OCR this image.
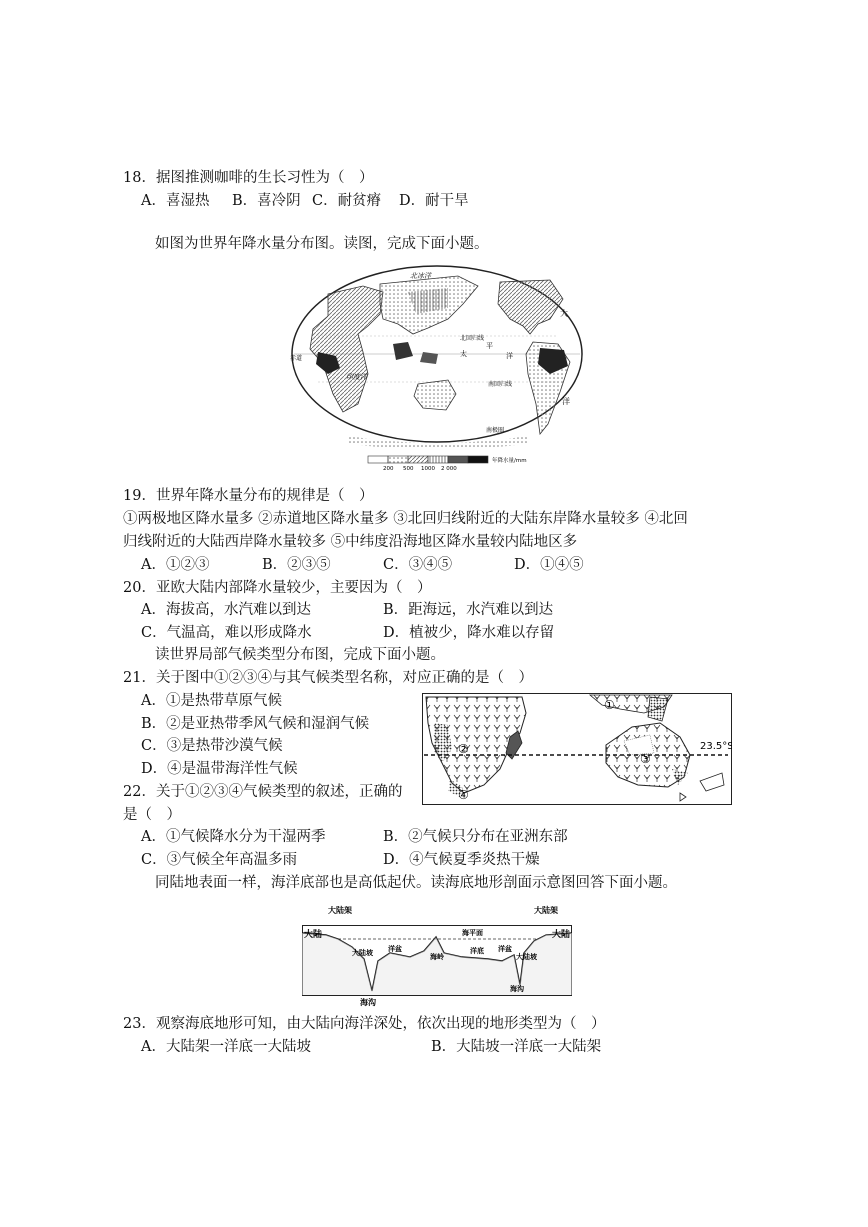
18．据图推测咖啡的生长习性为（　）
A．喜湿热 B．喜冷阴 C．耐贫瘠 D．耐干旱
如图为世界年降水量分布图。读图，完成下面小题。
北冰洋
大
北回归线
太
平
洋
赤道
印度洋
南回归线
洋
南极圈
200 500 1000 2 000
年降水量/mm
19．世界年降水量分布的规律是（　）
①两极地区降水量多 ②赤道地区降水量多 ③北回归线附近的大陆东岸降水量较多 ④北回
归线附近的大陆西岸降水量较多 ⑤中纬度沿海地区降水量较内陆地区多
A．①②③	B．②③⑤	C．③④⑤	D．①④⑤
20．亚欧大陆内部降水量较少，主要因为（　）
A．海拔高，水汽难以到达	B．距海远，水汽难以到达
C．气温高，难以形成降水	D．植被少，降水难以存留
读世界局部气候类型分布图，完成下面小题。
21．关于图中①②③④与其气候类型名称，对应正确的是（　）
A．①是热带草原气候
B．②是亚热带季风气候和湿润气候
C．③是热带沙漠气候
D．④是温带海洋性气候
23.5°S
①
②
③
④
22．关于①②③④气候类型的叙述，正确的
是（　）
A．①气候降水分为干湿两季	B．②气候只分布在亚洲东部
C．③气候全年高温多雨	D．④气候夏季炎热干燥
同陆地表面一样，海洋底部也是高低起伏。读海底地形剖面示意图回答下面小题。
大陆
大陆架
大陆坡
海平面
洋盆
海岭
洋底 洋盆
大陆坡
大陆架
大陆
海沟
海沟
23．观察海底地形可知，由大陆向海洋深处，依次出现的地形类型为（　）
A．大陆架一洋底一大陆坡	B．大陆坡一洋底一大陆架
